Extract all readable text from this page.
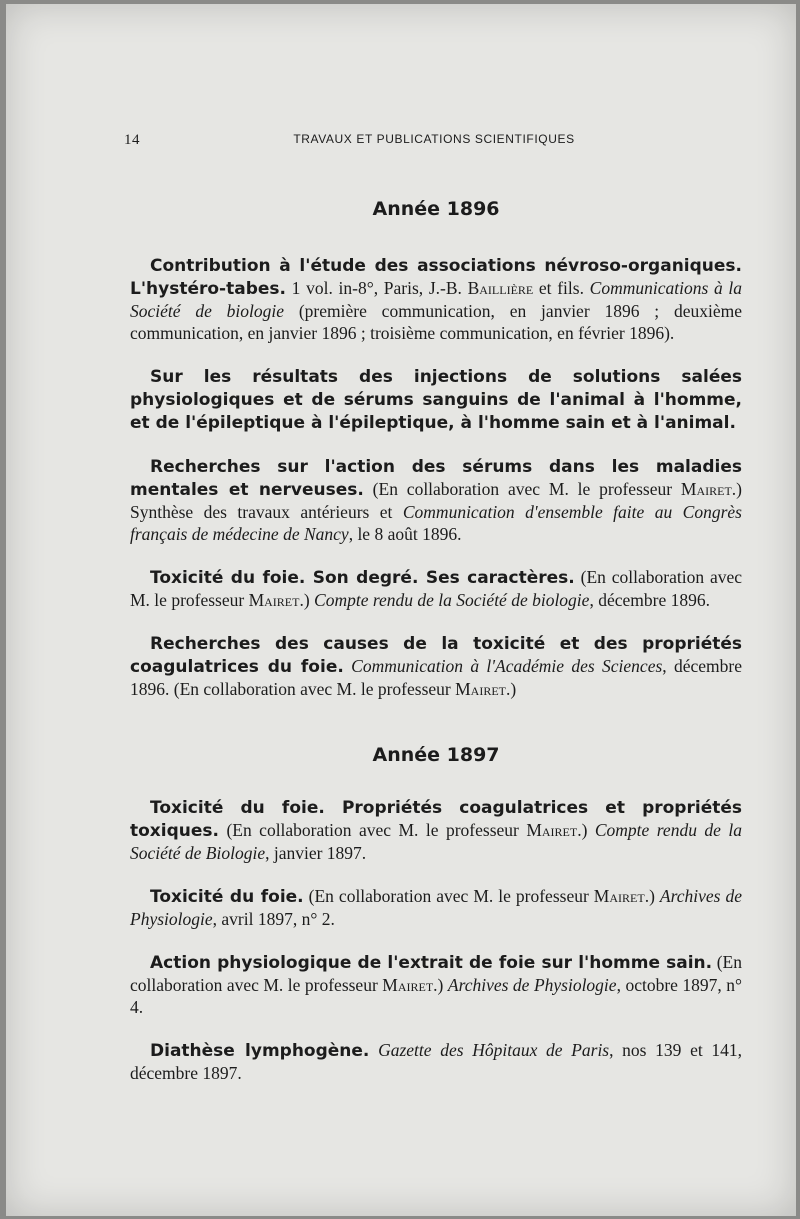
14	TRAVAUX ET PUBLICATIONS SCIENTIFIQUES
Année 1896

Contribution à l'étude des associations névroso-organiques. L'hystéro-tabes. 1 vol. in-8°, Paris, J.-B. Baillière et fils. Communications à la Société de biologie (première communication, en janvier 1896 ; deuxième communication, en janvier 1896 ; troisième communication, en février 1896).

Sur les résultats des injections de solutions salées physiologiques et de sérums sanguins de l'animal à l'homme, et de l'épileptique à l'épileptique, à l'homme sain et à l'animal.

Recherches sur l'action des sérums dans les maladies mentales et nerveuses. (En collaboration avec M. le professeur Mairet.) Synthèse des travaux antérieurs et Communication d'ensemble faite au Congrès français de médecine de Nancy, le 8 août 1896.

Toxicité du foie. Son degré. Ses caractères. (En collaboration avec M. le professeur Mairet.) Compte rendu de la Société de biologie, décembre 1896.

Recherches des causes de la toxicité et des propriétés coagulatrices du foie. Communication à l'Académie des Sciences, décembre 1896. (En collaboration avec M. le professeur Mairet.)

Année 1897

Toxicité du foie. Propriétés coagulatrices et propriétés toxiques. (En collaboration avec M. le professeur Mairet.) Compte rendu de la Société de Biologie, janvier 1897.

Toxicité du foie. (En collaboration avec M. le professeur Mairet.) Archives de Physiologie, avril 1897, n° 2.

Action physiologique de l'extrait de foie sur l'homme sain. (En collaboration avec M. le professeur Mairet.) Archives de Physiologie, octobre 1897, n° 4.

Diathèse lymphogène. Gazette des Hôpitaux de Paris, nos 139 et 141, décembre 1897.
